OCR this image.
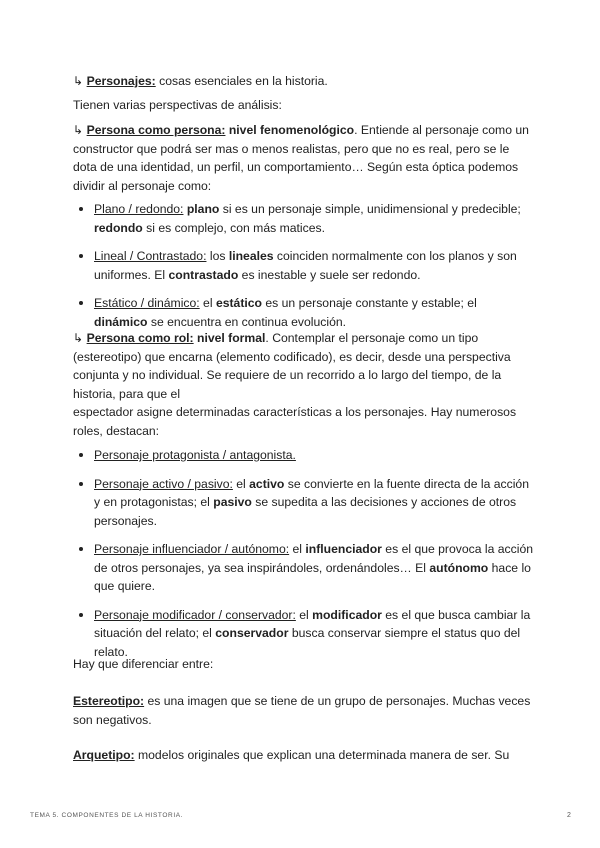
↳ Personajes: cosas esenciales en la historia.

Tienen varias perspectivas de análisis:

↳ Persona como persona: nivel fenomenológico. Entiende al personaje como un constructor que podrá ser mas o menos realistas, pero que no es real, pero se le dota de una identidad, un perfil, un comportamiento… Según esta óptica podemos dividir al personaje como:

Plano / redondo: plano si es un personaje simple, unidimensional y predecible; redondo si es complejo, con más matices.
Lineal / Contrastado: los lineales coinciden normalmente con los planos y son uniformes. El contrastado es inestable y suele ser redondo.
Estático / dinámico: el estático es un personaje constante y estable; el dinámico se encuentra en continua evolución.

↳ Persona como rol: nivel formal. Contemplar el personaje como un tipo (estereotipo) que encarna (elemento codificado), es decir, desde una perspectiva conjunta y no individual. Se requiere de un recorrido a lo largo del tiempo, de la historia, para que el

espectador asigne determinadas características a los personajes. Hay numerosos roles, destacan:

Personaje protagonista / antagonista.
Personaje activo / pasivo: el activo se convierte en la fuente directa de la acción y en protagonistas; el pasivo se supedita a las decisiones y acciones de otros personajes.
Personaje influenciador / autónomo: el influenciador es el que provoca la acción de otros personajes, ya sea inspirándoles, ordenándoles… El autónomo hace lo que quiere.
Personaje modificador / conservador: el modificador es el que busca cambiar la situación del relato; el conservador busca conservar siempre el status quo del relato.

Hay que diferenciar entre:

Estereotipo: es una imagen que se tiene de un grupo de personajes. Muchas veces son negativos.

Arquetipo: modelos originales que explican una determinada manera de ser. Su

TEMA 5. COMPONENTES DE LA HISTORIA.	2
